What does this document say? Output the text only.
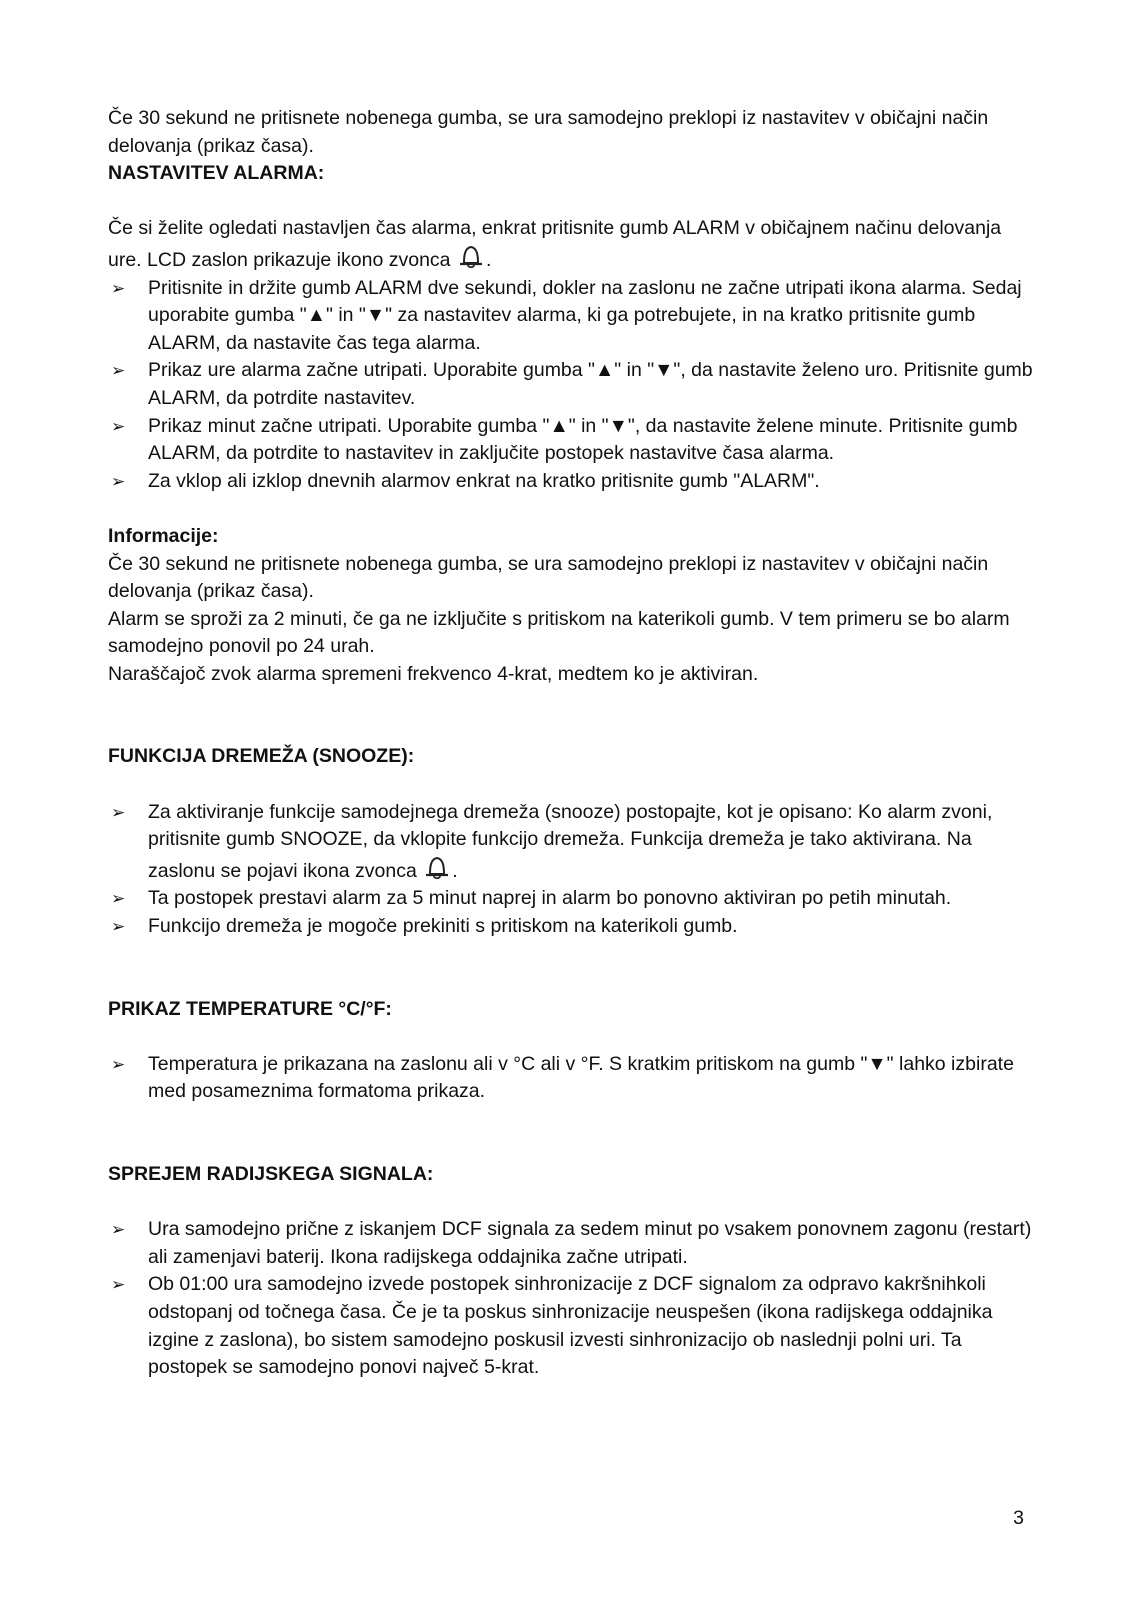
Če 30 sekund ne pritisnete nobenega gumba, se ura samodejno preklopi iz nastavitev v običajni način delovanja (prikaz časa).

NASTAVITEV ALARMA:

Če si želite ogledati nastavljen čas alarma, enkrat pritisnite gumb ALARM v običajnem načinu delovanja ure. LCD zaslon prikazuje ikono zvonca .

➢ Pritisnite in držite gumb ALARM dve sekundi, dokler na zaslonu ne začne utripati ikona alarma. Sedaj uporabite gumba "▲" in "▼" za nastavitev alarma, ki ga potrebujete, in na kratko pritisnite gumb ALARM, da nastavite čas tega alarma.
➢ Prikaz ure alarma začne utripati. Uporabite gumba "▲" in "▼", da nastavite želeno uro. Pritisnite gumb ALARM, da potrdite nastavitev.
➢ Prikaz minut začne utripati. Uporabite gumba "▲" in "▼", da nastavite želene minute. Pritisnite gumb ALARM, da potrdite to nastavitev in zaključite postopek nastavitve časa alarma.
➢ Za vklop ali izklop dnevnih alarmov enkrat na kratko pritisnite gumb "ALARM".

Informacije:

Če 30 sekund ne pritisnete nobenega gumba, se ura samodejno preklopi iz nastavitev v običajni način delovanja (prikaz časa).

Alarm se sproži za 2 minuti, če ga ne izključite s pritiskom na katerikoli gumb. V tem primeru se bo alarm samodejno ponovil po 24 urah.

Naraščajoč zvok alarma spremeni frekvenco 4-krat, medtem ko je aktiviran.

FUNKCIJA DREMEŽA (SNOOZE):

➢ Za aktiviranje funkcije samodejnega dremeža (snooze) postopajte, kot je opisano: Ko alarm zvoni, pritisnite gumb SNOOZE, da vklopite funkcijo dremeža. Funkcija dremeža je tako aktivirana. Na zaslonu se pojavi ikona zvonca .
➢ Ta postopek prestavi alarm za 5 minut naprej in alarm bo ponovno aktiviran po petih minutah.
➢ Funkcijo dremeža je mogoče prekiniti s pritiskom na katerikoli gumb.

PRIKAZ TEMPERATURE °C/°F:

➢ Temperatura je prikazana na zaslonu ali v °C ali v °F. S kratkim pritiskom na gumb "▼" lahko izbirate med posameznima formatoma prikaza.

SPREJEM RADIJSKEGA SIGNALA:

➢ Ura samodejno prične z iskanjem DCF signala za sedem minut po vsakem ponovnem zagonu (restart) ali zamenjavi baterij. Ikona radijskega oddajnika začne utripati.
➢ Ob 01:00 ura samodejno izvede postopek sinhronizacije z DCF signalom za odpravo kakršnihkoli odstopanj od točnega časa. Če je ta poskus sinhronizacije neuspešen (ikona radijskega oddajnika izgine z zaslona), bo sistem samodejno poskusil izvesti sinhronizacijo ob naslednji polni uri. Ta postopek se samodejno ponovi največ 5-krat.
3
